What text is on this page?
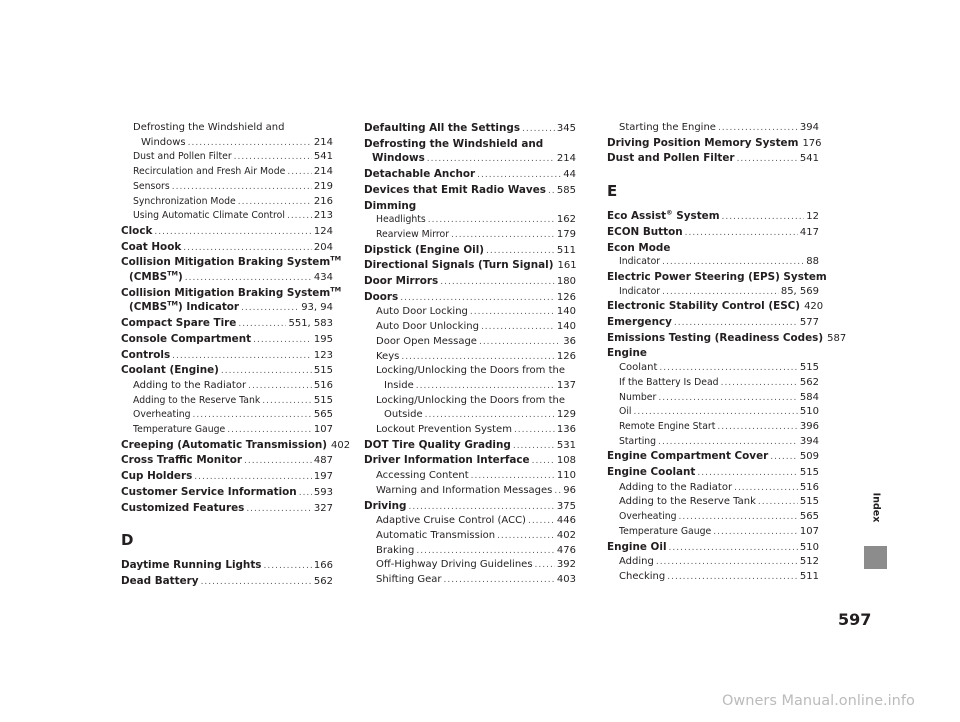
Defrosting the Windshield and
Windows .....	214
Dust and Pollen Filter .....	541
Recirculation and Fresh Air Mode .....	214
Sensors .....	219
Synchronization Mode .....	216
Using Automatic Climate Control .....	213
Clock .....	124
Coat Hook .....	204
Collision Mitigation Braking System™
(CMBS™) .....	434
Collision Mitigation Braking System™
(CMBS™) Indicator .....	93, 94
Compact Spare Tire .....	551, 583
Console Compartment .....	195
Controls .....	123
Coolant (Engine) .....	515
Adding to the Radiator .....	516
Adding to the Reserve Tank .....	515
Overheating .....	565
Temperature Gauge .....	107
Creeping (Automatic Transmission) 402
Cross Traffic Monitor .....	487
Cup Holders .....	197
Customer Service Information ..... 593
Customized Features .....	327
D
Daytime Running Lights .....	166
Dead Battery .....	562
Defaulting All the Settings .....	345
Defrosting the Windshield and
Windows .....	214
Detachable Anchor .....	44
Devices that Emit Radio Waves ..... 585
Dimming
Headlights .....	162
Rearview Mirror .....	179
Dipstick (Engine Oil) .....	511
Directional Signals (Turn Signal) 161
Door Mirrors .....	180
Doors .....	126
Auto Door Locking .....	140
Auto Door Unlocking .....	140
Door Open Message .....	36
Keys .....	126
Locking/Unlocking the Doors from the
Inside .....	137
Locking/Unlocking the Doors from the
Outside .....	129
Lockout Prevention System .....	136
DOT Tire Quality Grading .....	531
Driver Information Interface .....	108
Accessing Content .....	110
Warning and Information Messages ..... 96
Driving .....	375
Adaptive Cruise Control (ACC) .....	446
Automatic Transmission .....	402
Braking .....	476
Off-Highway Driving Guidelines ..... 392
Shifting Gear .....	403
Starting the Engine .....	394
Driving Position Memory System 176
Dust and Pollen Filter .....	541
E
Eco Assist® System .....	12
ECON Button .....	417
Econ Mode
Indicator .....	88
Electric Power Steering (EPS) System
Indicator .....	85, 569
Electronic Stability Control (ESC) 420
Emergency .....	577
Emissions Testing (Readiness Codes) 587
Engine
Coolant .....	515
If the Battery Is Dead .....	562
Number .....	584
Oil .....	510
Remote Engine Start .....	396
Starting .....	394
Engine Compartment Cover .....	509
Engine Coolant .....	515
Adding to the Radiator .....	516
Adding to the Reserve Tank .....	515
Overheating .....	565
Temperature Gauge .....	107
Engine Oil .....	510
Adding .....	512
Checking .....	511
Index
597
Owners Manual.online.info
